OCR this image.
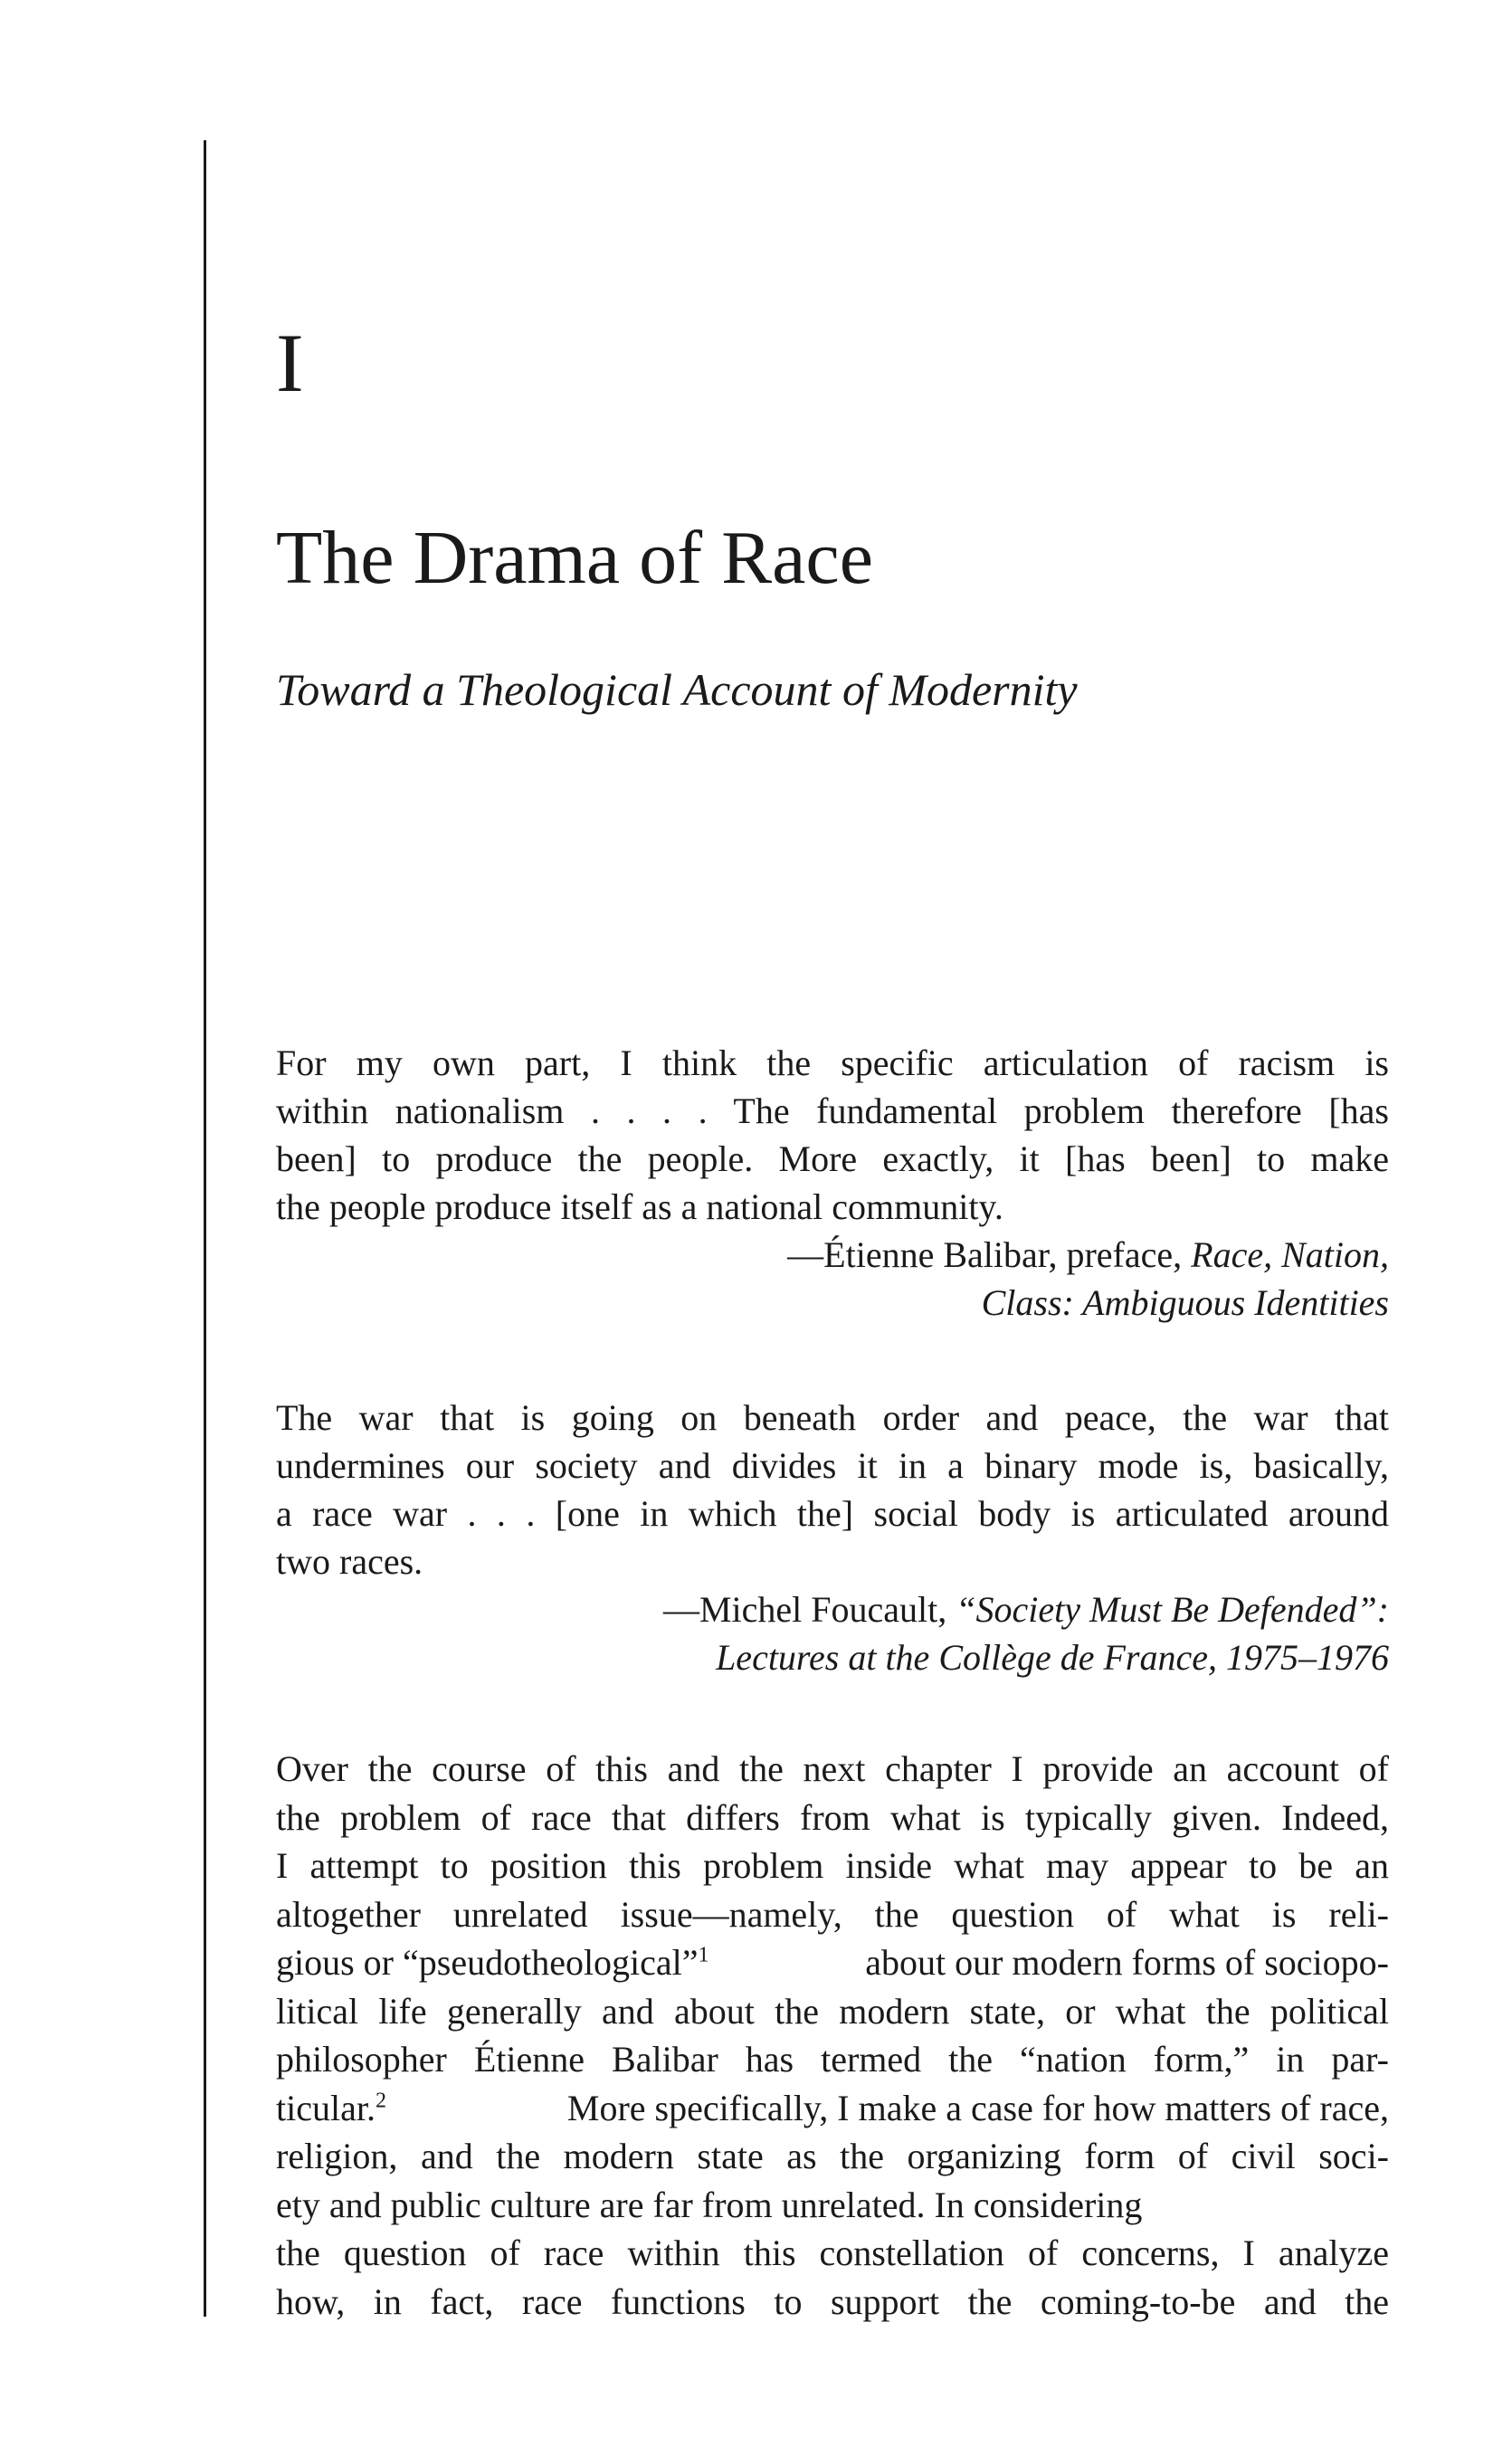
I
The Drama of Race
Toward a Theological Account of Modernity
For my own part, I think the specific articulation of racism is
within nationalism . . . . The fundamental problem therefore [has
been] to produce the people. More exactly, it [has been] to make
the people produce itself as a national community.
—Étienne Balibar, preface, Race, Nation,
Class: Ambiguous Identities
The war that is going on beneath order and peace, the war that
undermines our society and divides it in a binary mode is, basically,
a race war . . . [one in which the] social body is articulated around
two races.
—Michel Foucault, “Society Must Be Defended”:
Lectures at the Collège de France, 1975–1976
Over the course of this and the next chapter I provide an account of
the problem of race that differs from what is typically given. Indeed,
I attempt to position this problem inside what may appear to be an
altogether unrelated issue—namely, the question of what is reli-
gious or “pseudotheological”$^1$	about our modern forms of sociopo-
litical life generally and about the modern state, or what the political
philosopher Étienne Balibar has termed the “nation form,” in par-
ticular.$^2$	More specifically, I make a case for how matters of race,
religion, and the modern state as the organizing form of civil soci-
ety and public culture are far from unrelated. In considering
the question of race within this constellation of concerns, I analyze
how, in fact, race functions to support the coming-to-be and the
